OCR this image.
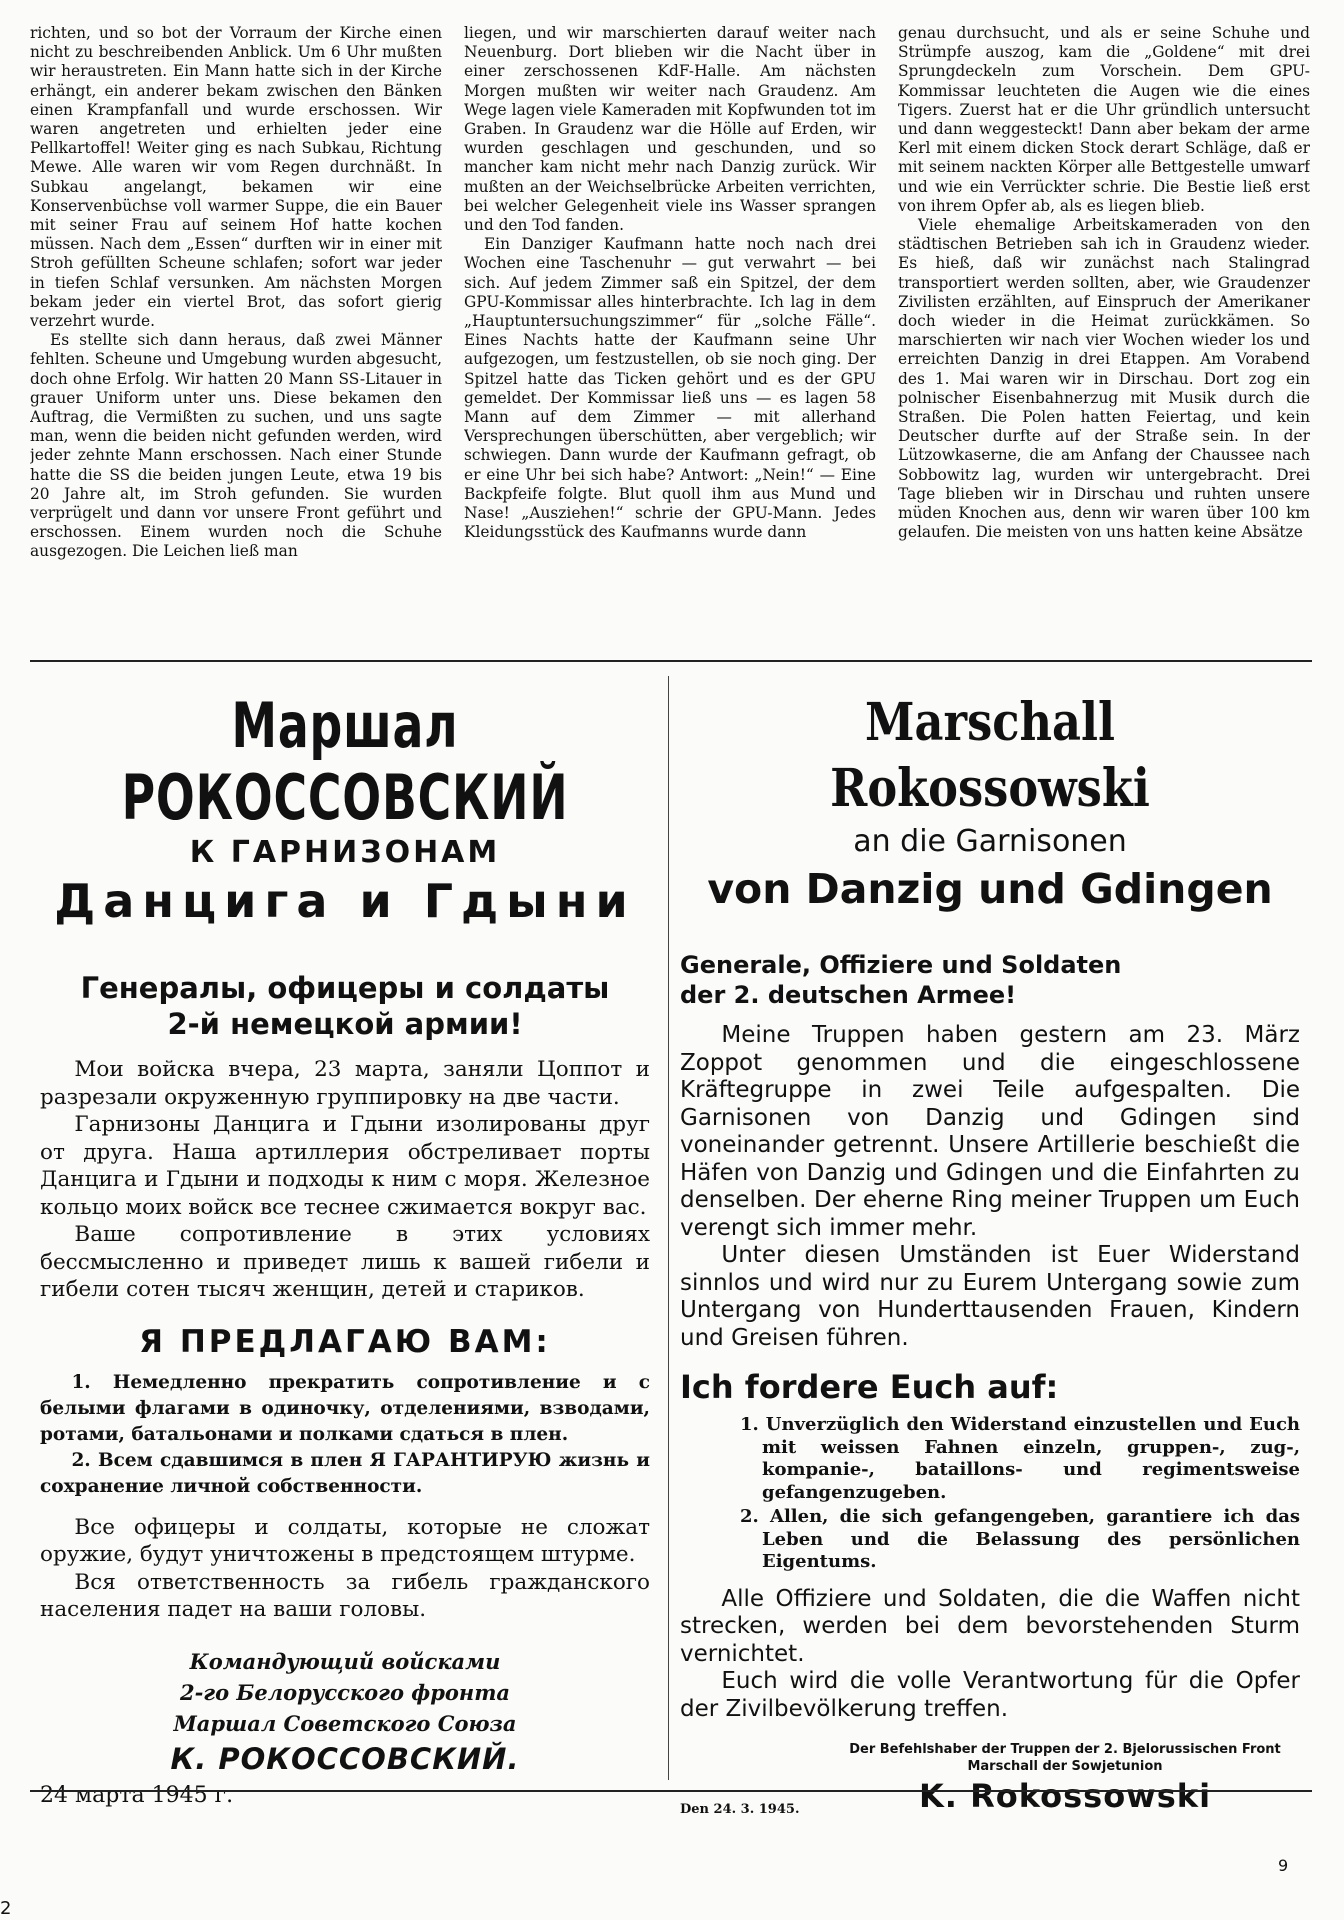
richten, und so bot der Vorraum der Kirche einen nicht zu beschreibenden Anblick. Um 6 Uhr mußten wir heraustreten. Ein Mann hatte sich in der Kirche erhängt, ein anderer bekam zwischen den Bänken einen Krampfanfall und wurde erschossen. Wir waren angetreten und erhielten jeder eine Pellkartoffel! Weiter ging es nach Subkau, Richtung Mewe. Alle waren wir vom Regen durchnäßt. In Subkau angelangt, bekamen wir eine Konservenbüchse voll warmer Suppe, die ein Bauer mit seiner Frau auf seinem Hof hatte kochen müssen. Nach dem „Essen“ durften wir in einer mit Stroh gefüllten Scheune schlafen; sofort war jeder in tiefen Schlaf versunken. Am nächsten Morgen bekam jeder ein viertel Brot, das sofort gierig verzehrt wurde.

Es stellte sich dann heraus, daß zwei Männer fehlten. Scheune und Umgebung wurden abgesucht, doch ohne Erfolg. Wir hatten 20 Mann SS-Litauer in grauer Uniform unter uns. Diese bekamen den Auftrag, die Vermißten zu suchen, und uns sagte man, wenn die beiden nicht gefunden werden, wird jeder zehnte Mann erschossen. Nach einer Stunde hatte die SS die beiden jungen Leute, etwa 19 bis 20 Jahre alt, im Stroh gefunden. Sie wurden verprügelt und dann vor unsere Front geführt und erschossen. Einem wurden noch die Schuhe ausgezogen. Die Leichen ließ man

liegen, und wir marschierten darauf weiter nach Neuenburg. Dort blieben wir die Nacht über in einer zerschossenen KdF-Halle. Am nächsten Morgen mußten wir weiter nach Graudenz. Am Wege lagen viele Kameraden mit Kopfwunden tot im Graben. In Graudenz war die Hölle auf Erden, wir wurden geschlagen und geschunden, und so mancher kam nicht mehr nach Danzig zurück. Wir mußten an der Weichselbrücke Arbeiten verrichten, bei welcher Gelegenheit viele ins Wasser sprangen und den Tod fanden.

Ein Danziger Kaufmann hatte noch nach drei Wochen eine Taschenuhr — gut verwahrt — bei sich. Auf jedem Zimmer saß ein Spitzel, der dem GPU-Kommissar alles hinterbrachte. Ich lag in dem „Hauptuntersuchungszimmer“ für „solche Fälle“. Eines Nachts hatte der Kaufmann seine Uhr aufgezogen, um festzustellen, ob sie noch ging. Der Spitzel hatte das Ticken gehört und es der GPU gemeldet. Der Kommissar ließ uns — es lagen 58 Mann auf dem Zimmer — mit allerhand Versprechungen überschütten, aber vergeblich; wir schwiegen. Dann wurde der Kaufmann gefragt, ob er eine Uhr bei sich habe? Antwort: „Nein!“ — Eine Backpfeife folgte. Blut quoll ihm aus Mund und Nase! „Ausziehen!“ schrie der GPU-Mann. Jedes Kleidungsstück des Kaufmanns wurde dann

genau durchsucht, und als er seine Schuhe und Strümpfe auszog, kam die „Goldene“ mit drei Sprungdeckeln zum Vorschein. Dem GPU-Kommissar leuchteten die Augen wie die eines Tigers. Zuerst hat er die Uhr gründlich untersucht und dann weggesteckt! Dann aber bekam der arme Kerl mit einem dicken Stock derart Schläge, daß er mit seinem nackten Körper alle Bettgestelle umwarf und wie ein Verrückter schrie. Die Bestie ließ erst von ihrem Opfer ab, als es liegen blieb.

Viele ehemalige Arbeitskameraden von den städtischen Betrieben sah ich in Graudenz wieder. Es hieß, daß wir zunächst nach Stalingrad transportiert werden sollten, aber, wie Graudenzer Zivilisten erzählten, auf Einspruch der Amerikaner doch wieder in die Heimat zurückkämen. So marschierten wir nach vier Wochen wieder los und erreichten Danzig in drei Etappen. Am Vorabend des 1. Mai waren wir in Dirschau. Dort zog ein polnischer Eisenbahnerzug mit Musik durch die Straßen. Die Polen hatten Feiertag, und kein Deutscher durfte auf der Straße sein. In der Lützowkaserne, die am Anfang der Chaussee nach Sobbowitz lag, wurden wir untergebracht. Drei Tage blieben wir in Dirschau und ruhten unsere müden Knochen aus, denn wir waren über 100 km gelaufen. Die meisten von uns hatten keine Absätze

Маршал РОКОССОВСКИЙ
К ГАРНИЗОНАМ
Данцига и Гдыни
Генералы, офицеры и солдаты
2-й немецкой армии!

Мои войска вчера, 23 марта, заняли Цоппот и разрезали окруженную группировку на две части.

Гарнизоны Данцига и Гдыни изолированы друг от друга. Наша артиллерия обстреливает порты Данцига и Гдыни и подходы к ним с моря. Железное кольцо моих войск все теснее сжимается вокруг вас.

Ваше сопротивление в этих условиях бессмысленно и приведет лишь к вашей гибели и гибели сотен тысяч женщин, детей и стариков.

Я ПРЕДЛАГАЮ ВАМ:

1. Немедленно прекратить сопротивление и с белыми флагами в одиночку, отделениями, взводами, ротами, батальонами и полками сдаться в плен.

2. Всем сдавшимся в плен Я ГАРАНТИРУЮ жизнь и сохранение личной собственности.

Все офицеры и солдаты, которые не сложат оружие, будут уничтожены в предстоящем штурме.

Вся ответственность за гибель гражданского населения падет на ваши головы.

Командующий войсками
2-го Белорусского фронта
Маршал Советского Союза
К. РОКОССОВСКИЙ.
24 марта 1945 г.
Marschall Rokossowski
an die Garnisonen
von Danzig und Gdingen
Generale, Offiziere und Soldaten
der 2. deutschen Armee!

Meine Truppen haben gestern am 23. März Zoppot genommen und die eingeschlossene Kräftegruppe in zwei Teile aufgespalten. Die Garnisonen von Danzig und Gdingen sind voneinander getrennt. Unsere Artillerie beschießt die Häfen von Danzig und Gdingen und die Einfahrten zu denselben. Der eherne Ring meiner Truppen um Euch verengt sich immer mehr.

Unter diesen Umständen ist Euer Widerstand sinnlos und wird nur zu Eurem Untergang sowie zum Untergang von Hunderttausenden Frauen, Kindern und Greisen führen.

Ich fordere Euch auf:

1. Unverzüglich den Widerstand einzustellen und Euch mit weissen Fahnen einzeln, gruppen-, zug-, kompanie-, bataillons- und regimentsweise gefangenzugeben.

2. Allen, die sich gefangengeben, garantiere ich das Leben und die Belassung des persönlichen Eigentums.

Alle Offiziere und Soldaten, die die Waffen nicht strecken, werden bei dem bevorstehenden Sturm vernichtet.

Euch wird die volle Verantwortung für die Opfer der Zivilbevölkerung treffen.

Der Befehlshaber der Truppen der 2. Bjelorussischen Front
Marschall der Sowjetunion
K. Rokossowski
Den 24. 3. 1945.
9
2
